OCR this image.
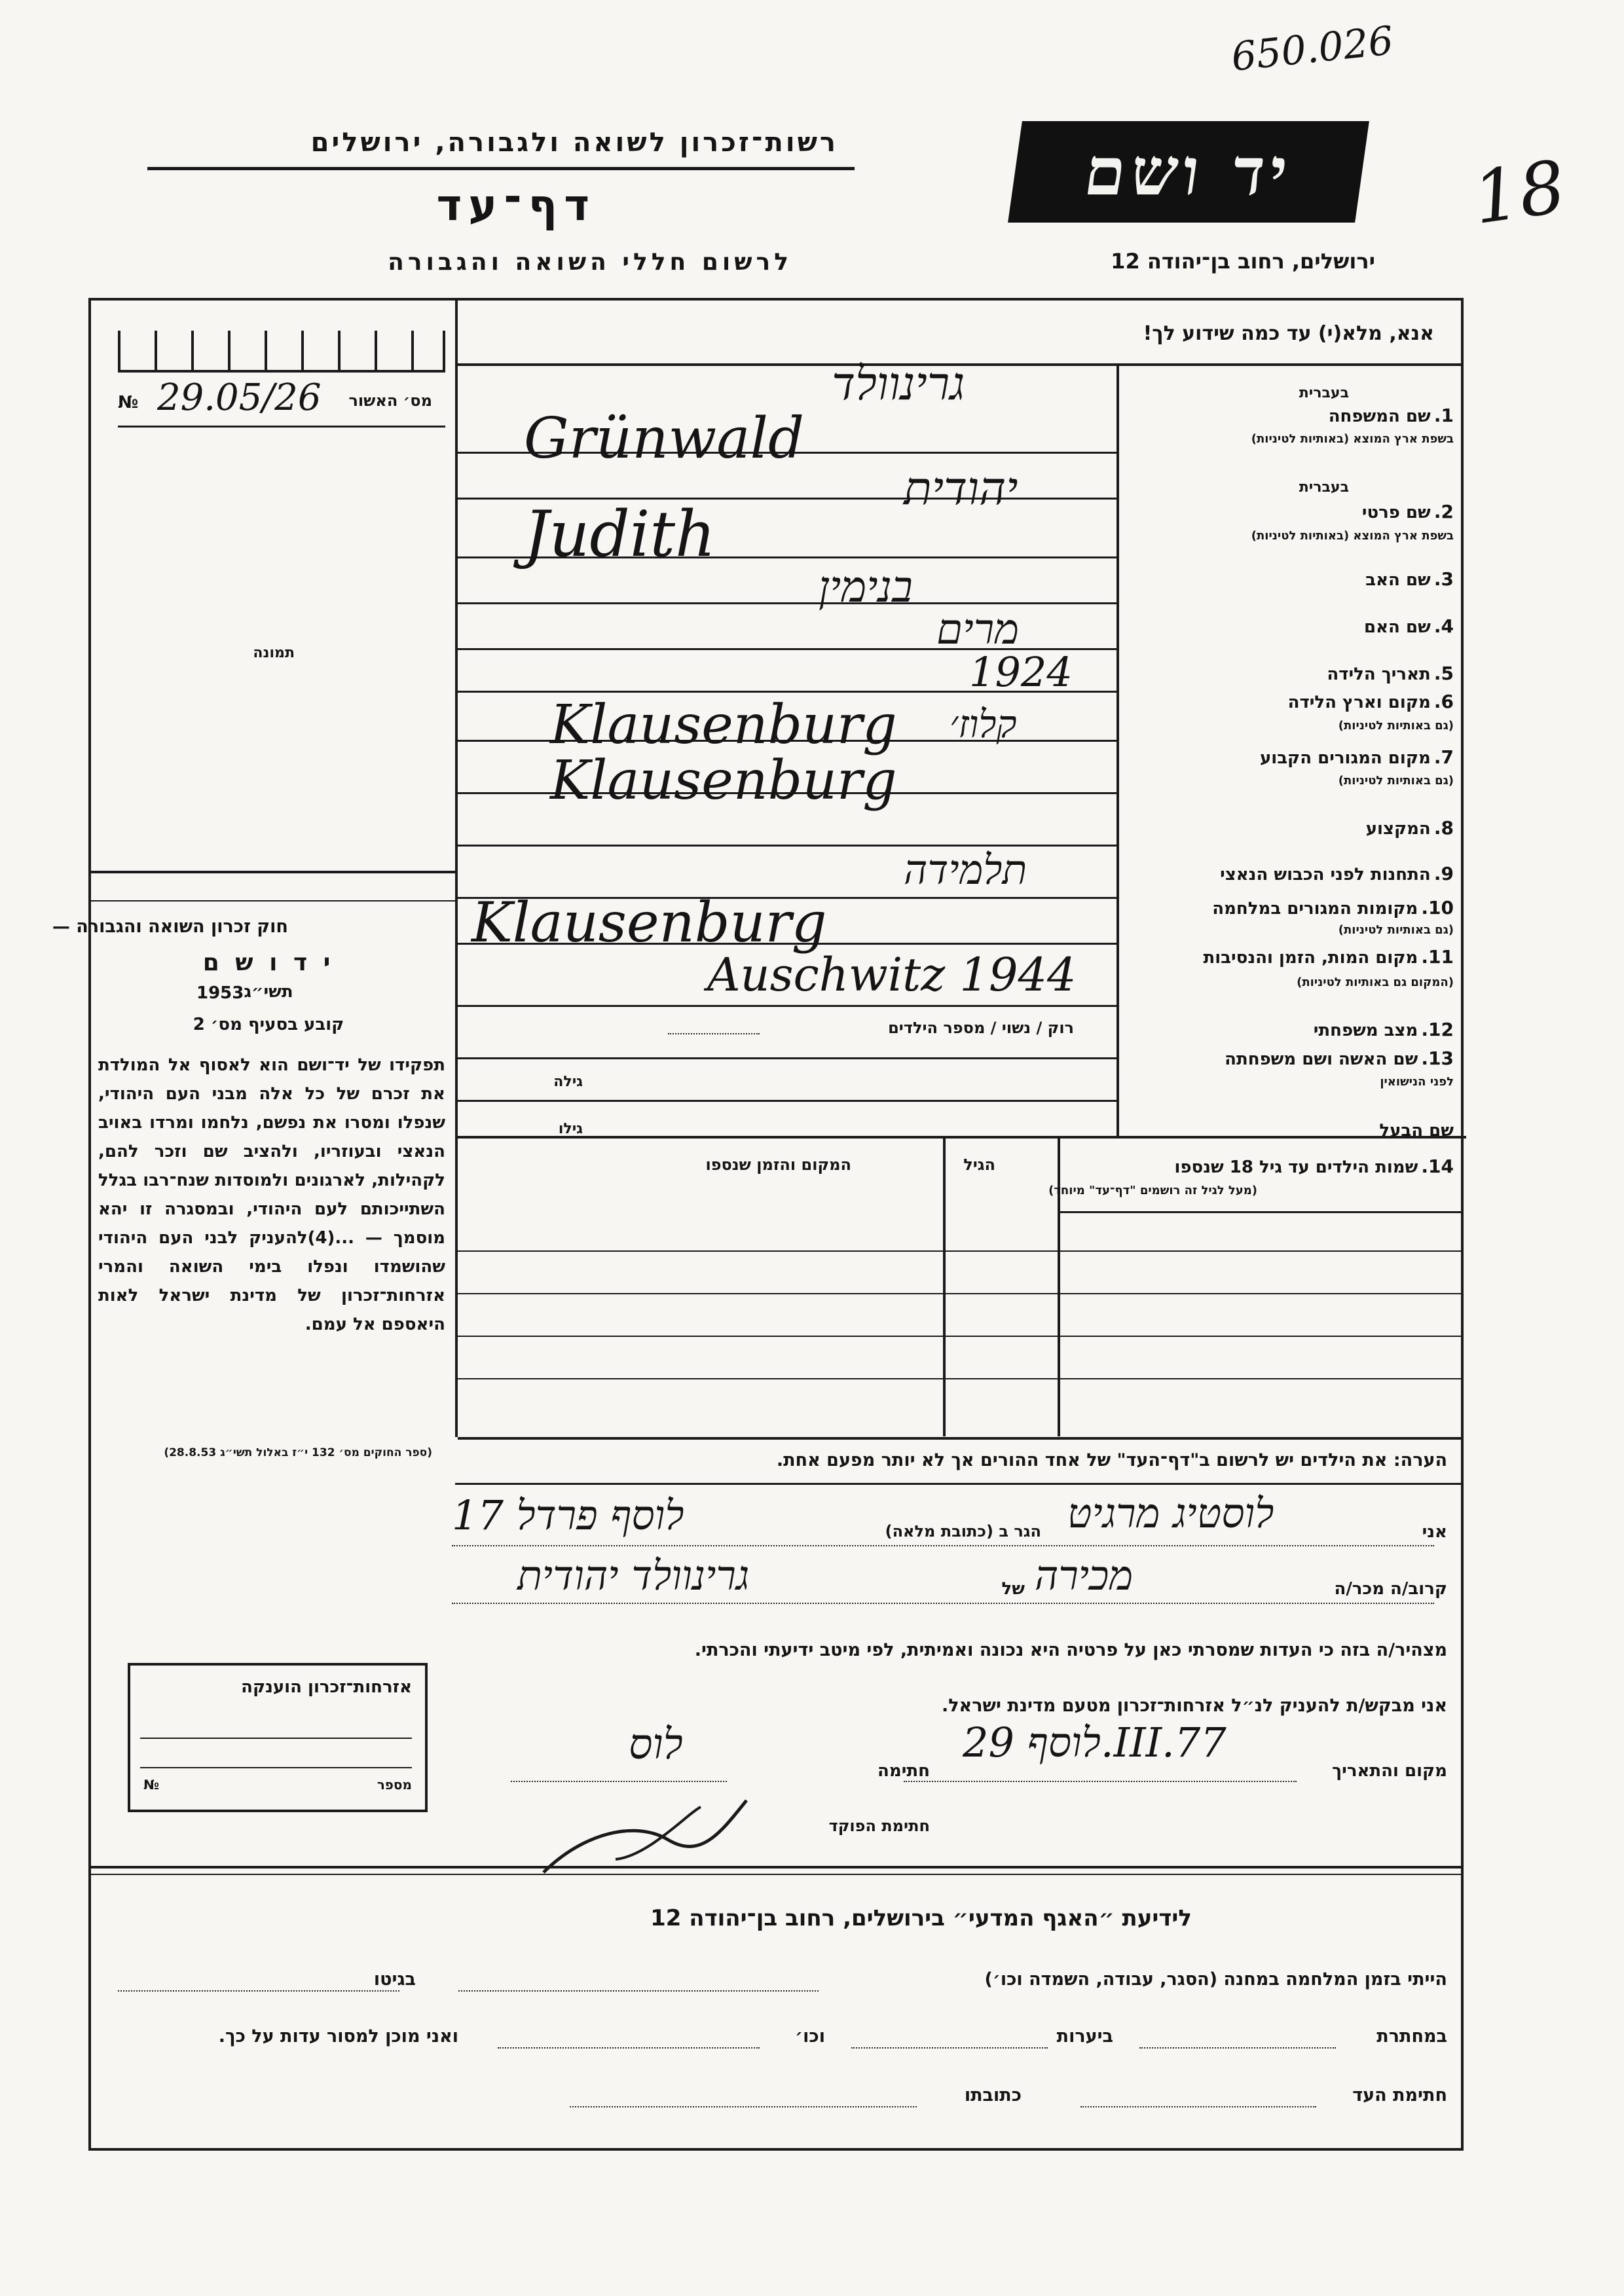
650.026
18
רשות־זכרון לשואה ולגבורה, ירושלים
דף־עד
לרשום חללי השואה והגבורה
יד ושם
ירושלים, רחוב בן־יהודה 12
אנא, מלא(י) עד כמה שידוע לך!
№ 29.05/26 מס׳ האשור
תמונה
בעברית
בעברית
1. שם המשפחה
בשפת ארץ המוצא (באותיות לטיניות)
גרינוולד
Grünwald
2. שם פרטי
בשפת ארץ המוצא (באותיות לטיניות)
יהודית
Judith
3. שם האב
בנימין
4. שם האם
מרים
5. תאריך הלידה
1924
6. מקום וארץ הלידה
(גם באותיות לטיניות)
קלוז׳
Klausenburg
7. מקום המגורים הקבוע
(גם באותיות לטיניות)
Klausenburg
8. המקצוע
9. התחנות לפני הכבוש הנאצי
תלמידה
10. מקומות המגורים במלחמה
(גם באותיות לטיניות)
Klausenburg
11. מקום המות, הזמן והנסיבות
(המקום גם באותיות לטיניות)
Auschwitz 1944
12. מצב משפחתי
רוק / נשוי / מספר הילדים
13. שם האשה ושם משפחתה
לפני הנישואין
גילה
שם הבעל
גילו
14. שמות הילדים עד גיל 18 שנספו
(מעל לגיל זה רושמים "דף־עד" מיוחד)
הגיל
המקום והזמן שנספו
חוק זכרון השואה והגבורה —
י ד ו ש ם
תשי״ג
1953
קובע בסעיף מס׳ 2
תפקידו של יד־ושם הוא לאסוף אל המולדת את זכרם של כל אלה מבני העם היהודי, שנפלו ומסרו את נפשם, נלחמו ומרדו באויב הנאצי ובעוזריו, ולהציב שם וזכר להם, לקהילות, לארגונים ולמוסדות שנח־רבו בגלל השתייכותם לעם היהודי, ובמסגרה זו יהא מוסמך — ...(4)להעניק לבני העם היהודי שהושמדו ונפלו בימי השואה והמרי אזרחות־זכרון של מדינת ישראל לאות היאספם אל עמם.
(ספר החוקים מס׳ 132 י״ז באלול תשי״ג 28.8.53)	הערה: את הילדים יש לרשום ב"דף־העד" של אחד ההורים אך לא יותר מפעם אחת.
אני
לוסטיג מרגיט
הגר ב (כתובת מלאה)
לוסף פרדל 17
קרוב/ה מכר/ה
מכירה
של
גרינוולד יהודית
מצהיר/ה בזה כי העדות שמסרתי כאן על פרטיה היא נכונה ואמיתית, לפי מיטב ידיעתי והכרתי.
אני מבקש/ת להעניק לנ״ל אזרחות־זכרון מטעם מדינת ישראל.
מקום והתאריך
לוסף 29.III.77
חתימה
לוס
חתימת הפוקד
אזרחות־זכרון הוענקה
מספר
№
לידיעת ״האגף המדעי״ בירושלים, רחוב בן־יהודה 12
הייתי בזמן המלחמה במחנה (הסגר, עבודה, השמדה וכו׳)
בגיטו
במחתרת
ביערות
וכו׳
ואני מוכן למסור עדות על כך.
חתימת העד
כתובתו
